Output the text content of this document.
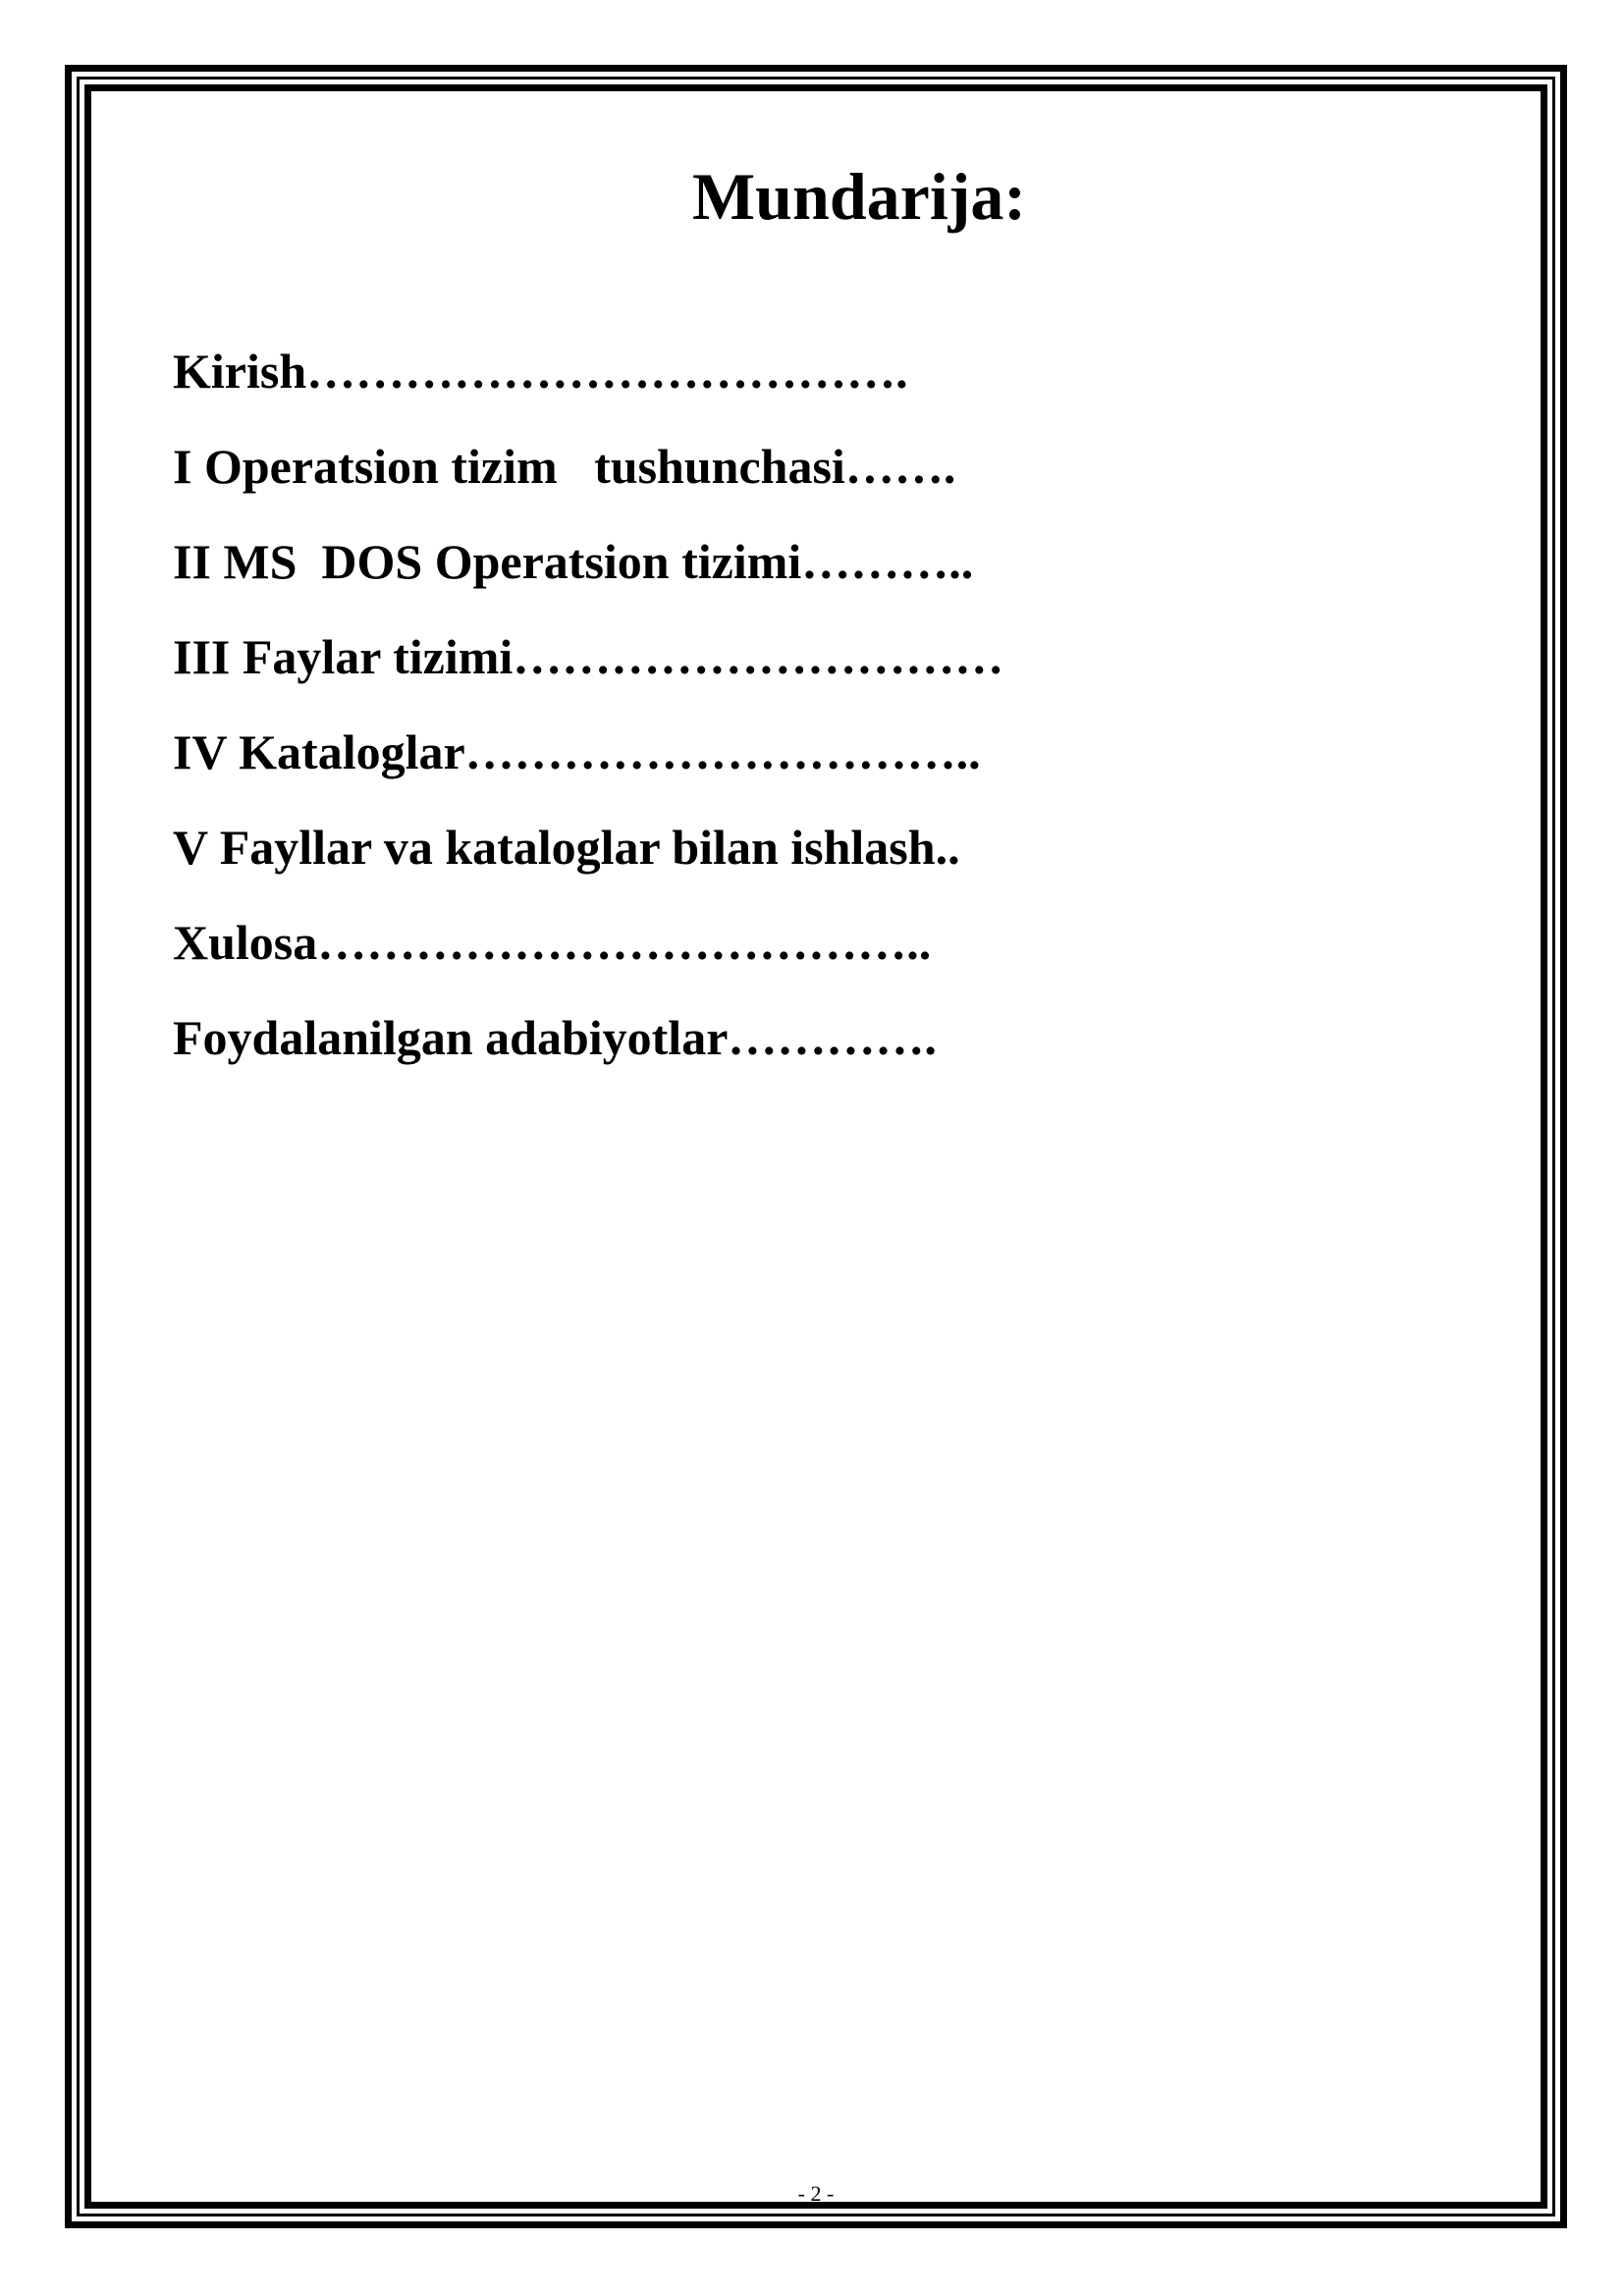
Mundarija:
Kirish……………………………….
I Operatsion tizim   tushunchasi…….
II MS  DOS Operatsion tizimi………..
III Faylar tizimi…………………………
IV Kataloglar…………………………..
V Fayllar va kataloglar bilan ishlash..
Xulosa………………………………..
Foydalanilgan adabiyotlar………….
- 2 -
